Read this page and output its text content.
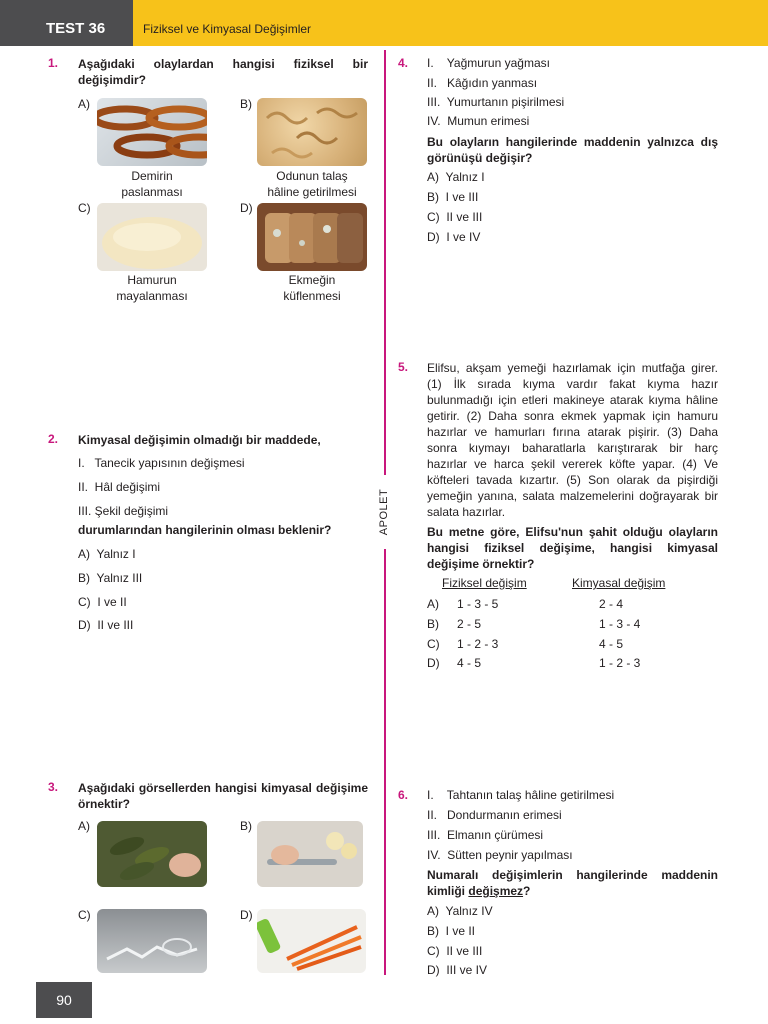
TEST 36	Fiziksel ve Kimyasal Değişimler
APOLET
1. Aşağıdaki olaylardan hangisi fiziksel bir değişimdir?
A)
Demirin
paslanması
B)
Odunun talaş
hâline getirilmesi
C)
Hamurun
mayalanması
D)
Ekmeğin
küflenmesi
2. Kimyasal değişimin olmadığı bir maddede,
I.   Tanecik yapısının değişmesi
II.  Hâl değişimi
III. Şekil değişimi
durumlarından hangilerinin olması beklenir?
A)  Yalnız I
B)  Yalnız III
C)  I ve II
D)  II ve III
3. Aşağıdaki görsellerden hangisi kimyasal değişime örnektir?
A)	B)
C)	D)
4. I.    Yağmurun yağması
II.   Kâğıdın yanması
III.  Yumurtanın pişirilmesi
IV.  Mumun erimesi
Bu olayların hangilerinde maddenin yalnızca dış görünüşü değişir?
A)  Yalnız I
B)  I ve III
C)  II ve III
D)  I ve IV
5. Elifsu, akşam yemeği hazırlamak için mutfağa girer. (1) İlk sırada kıyma vardır fakat kıyma hazır bulunmadığı için etleri makineye atarak kıyma hâline getirir. (2) Daha sonra ekmek yapmak için hamuru hazırlar ve hamurları fırına atarak pişirir. (3) Daha sonra kıymayı baharatlarla karıştırarak bir harç hazırlar ve harca şekil vererek köfte yapar. (4) Ve köfteleri tavada kızartır. (5) Son olarak da pişirdiği yemeğin yanına, salata malzemelerini doğrayarak bir salata hazırlar.
Bu metne göre, Elifsu'nun şahit olduğu olayların hangisi fiziksel değişime, hangisi kimyasal değişime örnektir?
Fiziksel değişim	Kimyasal değişim
A) 1 - 3 - 5	2 - 4
B) 2 - 5	1 - 3 - 4
C) 1 - 2 - 3	4 - 5
D) 4 - 5	1 - 2 - 3
6. I.    Tahtanın talaş hâline getirilmesi
II.   Dondurmanın erimesi
III.  Elmanın çürümesi
IV.  Sütten peynir yapılması
Numaralı değişimlerin hangilerinde maddenin kimliği değişmez?
A)  Yalnız IV
B)  I ve II
C)  II ve III
D)  III ve IV
90
